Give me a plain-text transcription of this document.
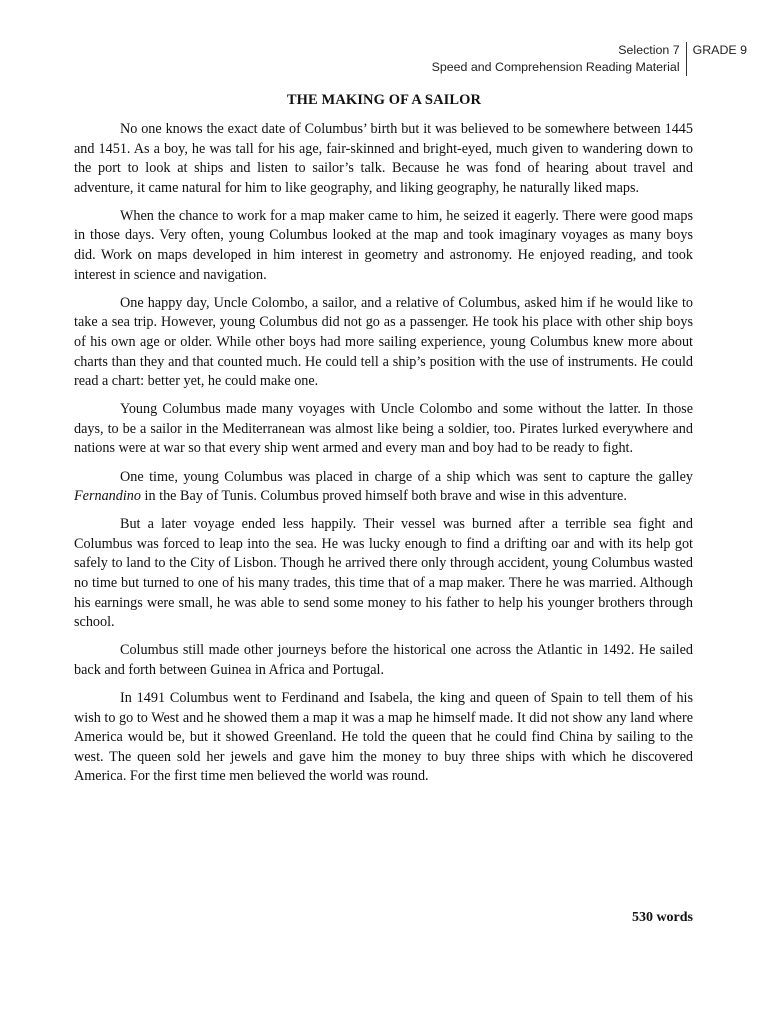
Selection 7
Speed and Comprehension Reading Material
GRADE 9
THE MAKING OF A SAILOR

No one knows the exact date of Columbus’ birth but it was believed to be somewhere between 1445 and 1451. As a boy, he was tall for his age, fair-skinned and bright-eyed, much given to wandering down to the port to look at ships and listen to sailor’s talk. Because he was fond of hearing about travel and adventure, it came natural for him to like geography, and liking geography, he naturally liked maps.

When the chance to work for a map maker came to him, he seized it eagerly. There were good maps in those days. Very often, young Columbus looked at the map and took imaginary voyages as many boys did. Work on maps developed in him interest in geometry and astronomy. He enjoyed reading, and took interest in science and navigation.

One happy day, Uncle Colombo, a sailor, and a relative of Columbus, asked him if he would like to take a sea trip. However, young Columbus did not go as a passenger. He took his place with other ship boys of his own age or older. While other boys had more sailing experience, young Columbus knew more about charts than they and that counted much. He could tell a ship’s position with the use of instruments. He could read a chart: better yet, he could make one.

Young Columbus made many voyages with Uncle Colombo and some without the latter. In those days, to be a sailor in the Mediterranean was almost like being a soldier, too. Pirates lurked everywhere and nations were at war so that every ship went armed and every man and boy had to be ready to fight.

One time, young Columbus was placed in charge of a ship which was sent to capture the galley Fernandino in the Bay of Tunis. Columbus proved himself both brave and wise in this adventure.

But a later voyage ended less happily. Their vessel was burned after a terrible sea fight and Columbus was forced to leap into the sea. He was lucky enough to find a drifting oar and with its help got safely to land to the City of Lisbon. Though he arrived there only through accident, young Columbus wasted no time but turned to one of his many trades, this time that of a map maker. There he was married. Although his earnings were small, he was able to send some money to his father to help his younger brothers through school.

Columbus still made other journeys before the historical one across the Atlantic in 1492. He sailed back and forth between Guinea in Africa and Portugal.

In 1491 Columbus went to Ferdinand and Isabela, the king and queen of Spain to tell them of his wish to go to West and he showed them a map it was a map he himself made. It did not show any land where America would be, but it showed Greenland. He told the queen that he could find China by sailing to the west. The queen sold her jewels and gave him the money to buy three ships with which he discovered America. For the first time men believed the world was round.

530 words
